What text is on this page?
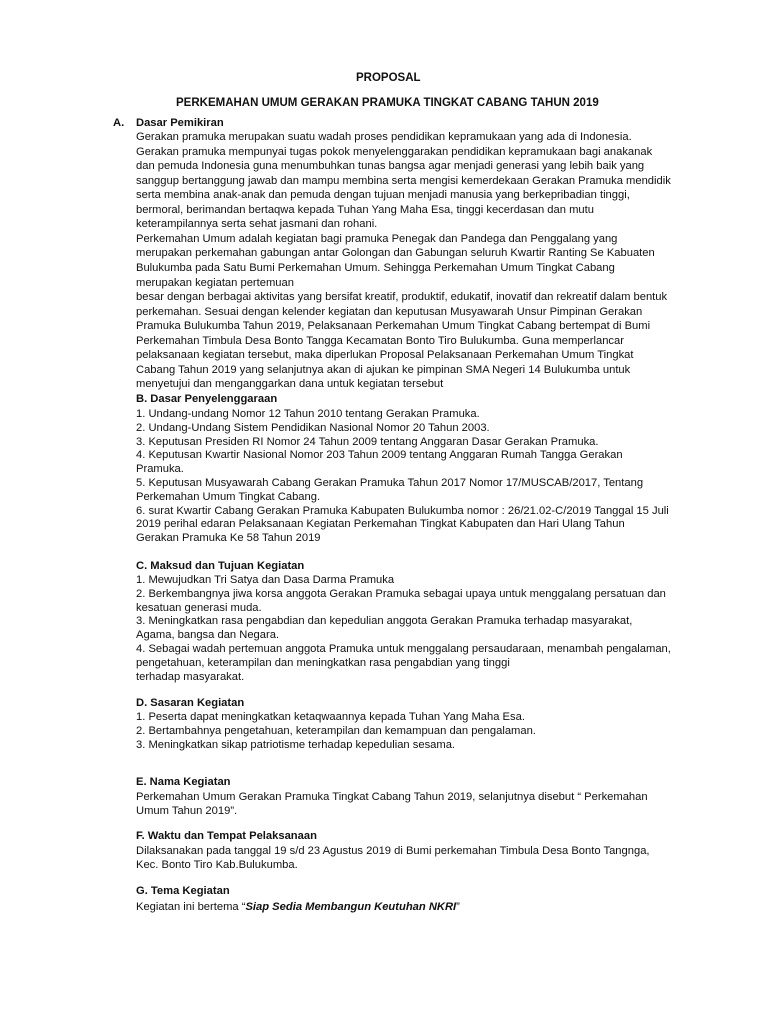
PROPOSAL
PERKEMAHAN UMUM GERAKAN PRAMUKA TINGKAT CABANG TAHUN 2019
A. Dasar Pemikiran
Gerakan pramuka merupakan suatu wadah proses pendidikan kepramukaan yang ada di Indonesia.
Gerakan pramuka mempunyai tugas pokok menyelenggarakan pendidikan kepramukaan bagi anakanak
dan pemuda Indonesia guna menumbuhkan tunas bangsa agar menjadi generasi yang lebih baik yang
sanggup bertanggung jawab dan mampu membina serta mengisi kemerdekaan Gerakan Pramuka mendidik
serta membina anak-anak dan pemuda dengan tujuan menjadi manusia yang berkepribadian tinggi,
bermoral, berimandan bertaqwa kepada Tuhan Yang Maha Esa, tinggi kecerdasan dan mutu
keterampilannya serta sehat jasmani dan rohani.
Perkemahan Umum adalah kegiatan bagi pramuka Penegak dan Pandega dan Penggalang yang
merupakan perkemahan gabungan antar Golongan dan Gabungan seluruh Kwartir Ranting Se Kabuaten
Bulukumba pada Satu Bumi Perkemahan Umum. Sehingga Perkemahan Umum Tingkat Cabang
merupakan kegiatan pertemuan
besar dengan berbagai aktivitas yang bersifat kreatif, produktif, edukatif, inovatif dan rekreatif dalam bentuk
perkemahan. Sesuai dengan kelender kegiatan dan keputusan Musyawarah Unsur Pimpinan Gerakan
Pramuka Bulukumba Tahun 2019, Pelaksanaan Perkemahan Umum Tingkat Cabang bertempat di Bumi
Perkemahan Timbula Desa Bonto Tangga Kecamatan Bonto Tiro Bulukumba. Guna memperlancar
pelaksanaan kegiatan tersebut, maka diperlukan Proposal Pelaksanaan Perkemahan Umum Tingkat
Cabang Tahun 2019 yang selanjutnya akan di ajukan ke pimpinan SMA Negeri 14 Bulukumba untuk
menyetujui dan menganggarkan dana untuk kegiatan tersebut
B. Dasar Penyelenggaraan
1. Undang-undang Nomor 12 Tahun 2010 tentang Gerakan Pramuka.
2. Undang-Undang Sistem Pendidikan Nasional Nomor 20 Tahun 2003.
3. Keputusan Presiden RI Nomor 24 Tahun 2009 tentang Anggaran Dasar Gerakan Pramuka.
4. Keputusan Kwartir Nasional Nomor 203 Tahun 2009 tentang Anggaran Rumah Tangga Gerakan
Pramuka.
5. Keputusan Musyawarah Cabang Gerakan Pramuka Tahun 2017 Nomor 17/MUSCAB/2017, Tentang
Perkemahan Umum Tingkat Cabang.
6. surat Kwartir Cabang Gerakan Pramuka Kabupaten Bulukumba nomor : 26/21.02-C/2019 Tanggal 15 Juli
2019 perihal edaran Pelaksanaan Kegiatan Perkemahan Tingkat Kabupaten dan Hari Ulang Tahun
Gerakan Pramuka Ke 58 Tahun 2019
C. Maksud dan Tujuan Kegiatan
1. Mewujudkan Tri Satya dan Dasa Darma Pramuka
2. Berkembangnya jiwa korsa anggota Gerakan Pramuka sebagai upaya untuk menggalang persatuan dan
kesatuan generasi muda.
3. Meningkatkan rasa pengabdian dan kepedulian anggota Gerakan Pramuka terhadap masyarakat,
Agama, bangsa dan Negara.
4. Sebagai wadah pertemuan anggota Pramuka untuk menggalang persaudaraan, menambah pengalaman,
pengetahuan, keterampilan dan meningkatkan rasa pengabdian yang tinggi
terhadap masyarakat.
D. Sasaran Kegiatan
1. Peserta dapat meningkatkan ketaqwaannya kepada Tuhan Yang Maha Esa.
2. Bertambahnya pengetahuan, keterampilan dan kemampuan dan pengalaman.
3. Meningkatkan sikap patriotisme terhadap kepedulian sesama.
E. Nama Kegiatan
Perkemahan Umum Gerakan Pramuka Tingkat Cabang Tahun 2019, selanjutnya disebut “ Perkemahan
Umum Tahun 2019”.
F. Waktu dan Tempat Pelaksanaan
Dilaksanakan pada tanggal 19 s/d 23 Agustus 2019 di Bumi perkemahan Timbula Desa Bonto Tangnga,
Kec. Bonto Tiro Kab.Bulukumba.
G. Tema Kegiatan
Kegiatan ini bertema “Siap Sedia Membangun Keutuhan NKRI”
